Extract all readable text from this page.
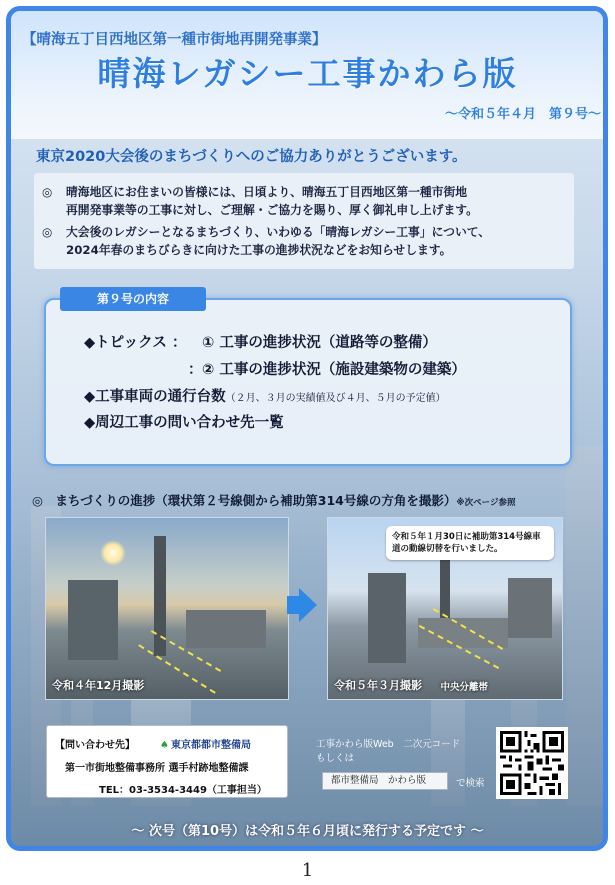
【晴海五丁目西地区第一種市街地再開発事業】
晴海レガシー工事かわら版
～令和５年４月　第９号～
東京2020大会後のまちづくりへのご協力ありがとうございます。
◎	晴海地区にお住まいの皆様には、日頃より、晴海五丁目西地区第一種市街地
再開発事業等の工事に対し、ご理解・ご協力を賜り、厚く御礼申し上げます。
◎	大会後のレガシーとなるまちづくり、いわゆる「晴海レガシー工事」について、
2024年春のまちびらきに向けた工事の進捗状況などをお知らせします。
第９号の内容
◆トピックス ： ① 工事の進捗状況（道路等の整備）
： ② 工事の進捗状況（施設建築物の建築）
◆工事車両の通行台数（２月、３月の実績値及び４月、５月の予定値）
◆周辺工事の問い合わせ先一覧
◎　まちづくりの進捗（環状第２号線側から補助第314号線の方角を撮影）※次ページ参照
令和４年12月撮影
令和５年１月30日に補助第314号線車道の動線切替を行いました。
令和５年３月撮影 中央分離帯
【問い合わせ先】	♠ 東京都都市整備局
第一市街地整備事務所 選手村跡地整備課
TEL：03-3534-3449（工事担当）
工事かわら版Web　二次元コード
もしくは
都市整備局　かわら版	で検索
～ 次号（第10号）は令和５年６月頃に発行する予定です ～
1
